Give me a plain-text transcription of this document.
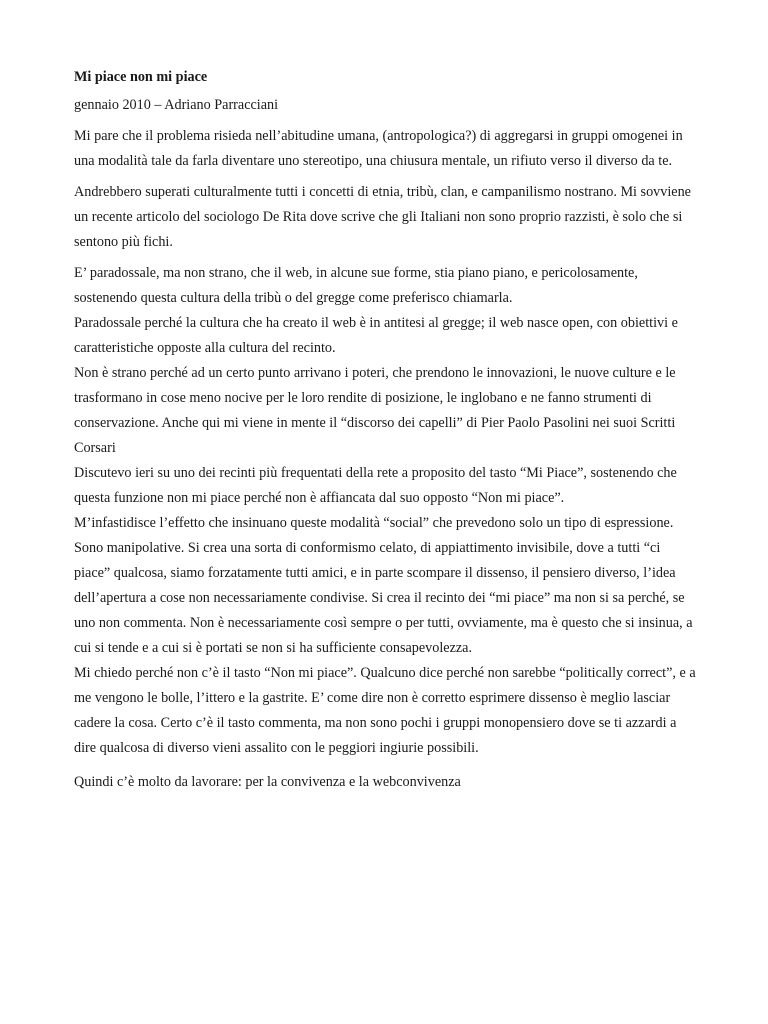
Mi piace non mi piace

gennaio 2010 – Adriano Parracciani

Mi pare che il problema risieda nell’abitudine umana, (antropologica?) di aggregarsi in gruppi omogenei in una modalità tale da farla diventare uno stereotipo, una chiusura mentale, un rifiuto verso il diverso da te.

Andrebbero superati culturalmente tutti i concetti di etnia, tribù, clan, e campanilismo nostrano. Mi sovviene un recente articolo del sociologo De Rita dove scrive che gli Italiani non sono proprio razzisti, è solo che si sentono più fichi.

E’ paradossale, ma non strano, che il web, in alcune sue forme, stia piano piano, e pericolosamente, sostenendo questa cultura della tribù o del gregge come preferisco chiamarla.

Paradossale perché la cultura che ha creato il web è in antitesi al gregge; il web nasce open, con obiettivi e caratteristiche opposte alla cultura del recinto.

Non è strano perché ad un certo punto arrivano i poteri, che prendono le innovazioni, le nuove culture e le trasformano in cose meno nocive per le loro rendite di posizione, le inglobano e ne fanno strumenti di conservazione. Anche qui mi viene in mente il “discorso dei capelli” di Pier Paolo Pasolini nei suoi Scritti Corsari

Discutevo ieri su uno dei recinti più frequentati della rete a proposito del tasto “Mi Piace”, sostenendo che questa funzione non mi piace perché non è affiancata dal suo opposto “Non mi piace”.

M’infastidisce l’effetto che insinuano queste modalità “social” che prevedono solo un tipo di espressione. Sono manipolative. Si crea una sorta di conformismo celato, di appiattimento invisibile, dove a tutti “ci piace” qualcosa, siamo forzatamente tutti amici, e in parte scompare il dissenso, il pensiero diverso, l’idea dell’apertura a cose non necessariamente condivise. Si crea il recinto dei “mi piace” ma non si sa perché, se uno non commenta. Non è necessariamente così sempre o per tutti, ovviamente, ma è questo che si insinua, a cui si tende e a cui si è portati se non si ha sufficiente consapevolezza.

Mi chiedo perché non c’è il tasto “Non mi piace”. Qualcuno dice perché non sarebbe “politically correct”, e a me vengono le bolle, l’ittero e la gastrite. E’ come dire non è corretto esprimere dissenso è meglio lasciar cadere la cosa. Certo c’è il tasto commenta, ma non sono pochi i gruppi monopensiero dove se ti azzardi a dire qualcosa di diverso vieni assalito con le peggiori ingiurie possibili.

Quindi c’è molto da lavorare: per la convivenza e la webconvivenza
